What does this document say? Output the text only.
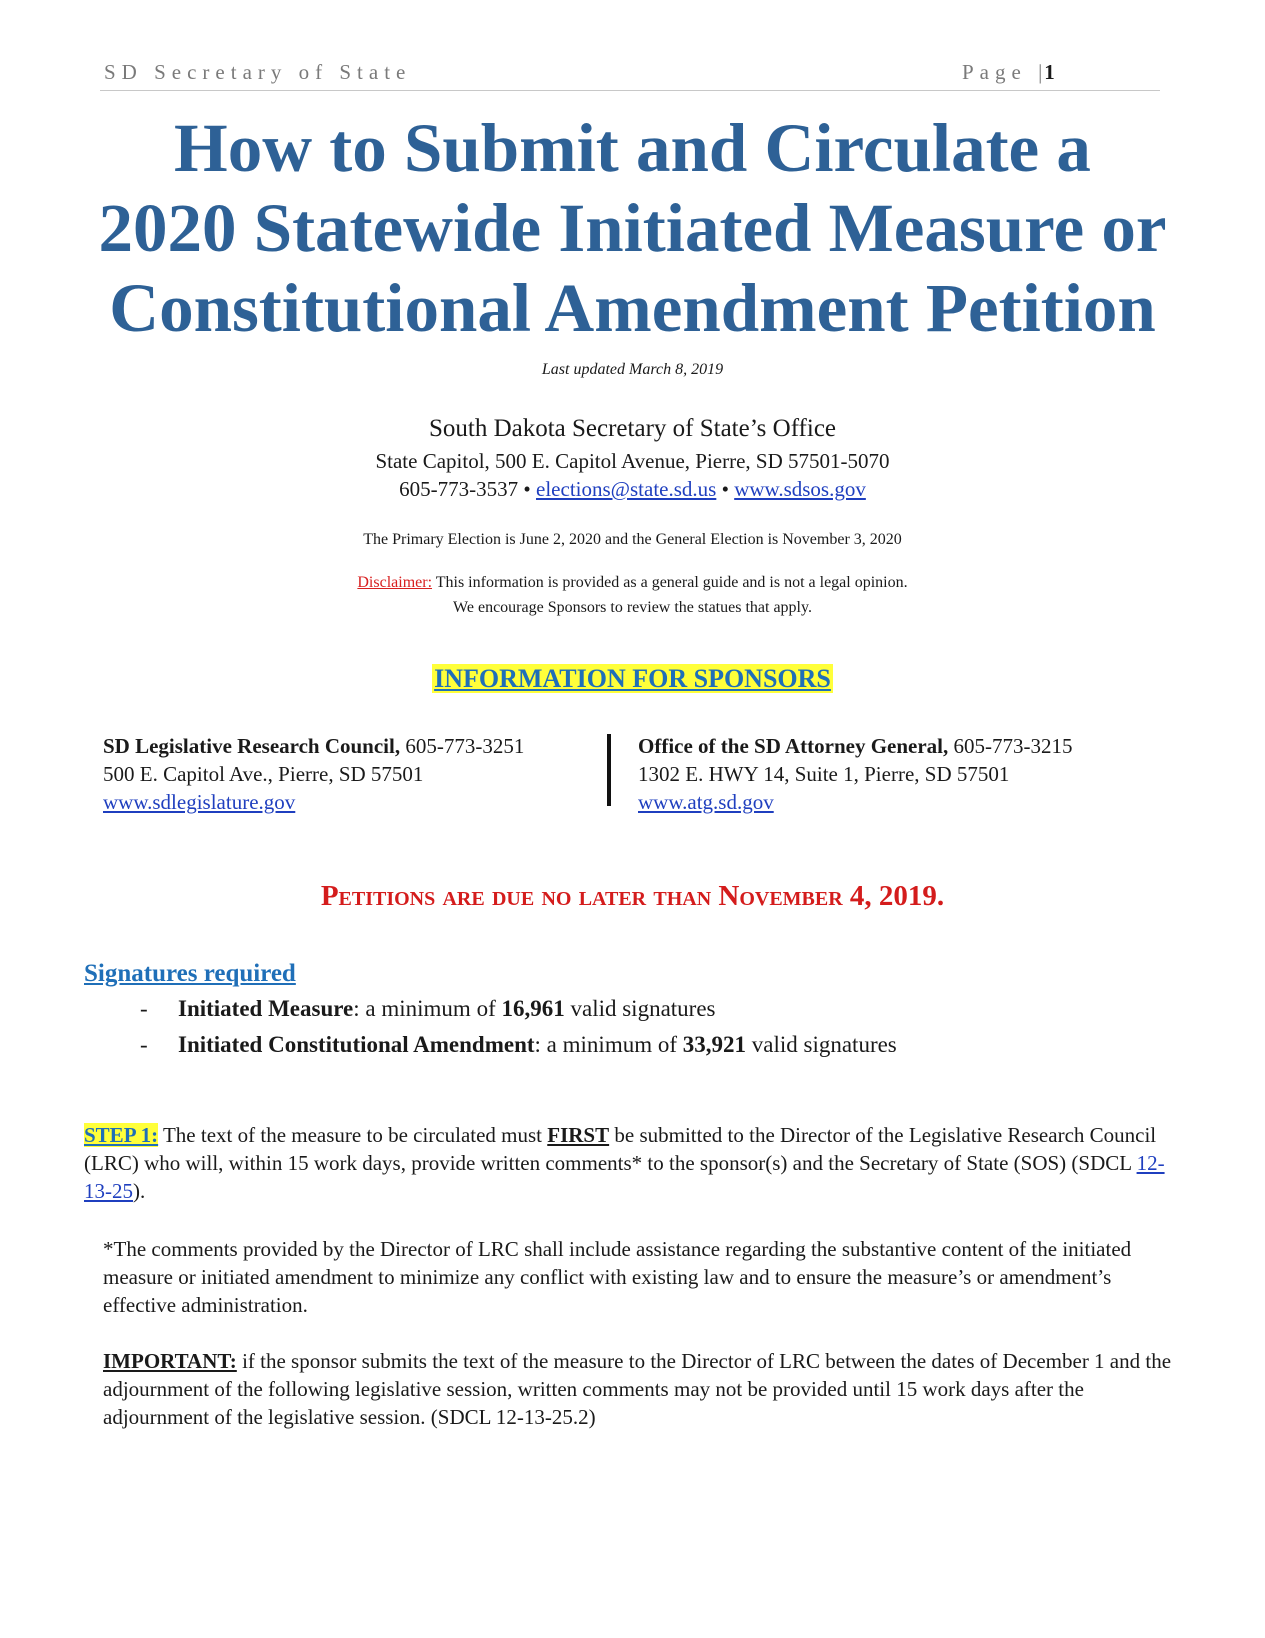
SD Secretary of State	Page |1
How to Submit and Circulate a
2020 Statewide Initiated Measure or
Constitutional Amendment Petition
Last updated March 8, 2019
South Dakota Secretary of State’s Office
State Capitol, 500 E. Capitol Avenue, Pierre, SD 57501-5070
605-773-3537 • elections@state.sd.us • www.sdsos.gov
The Primary Election is June 2, 2020 and the General Election is November 3, 2020
Disclaimer: This information is provided as a general guide and is not a legal opinion.
We encourage Sponsors to review the statues that apply.
INFORMATION FOR SPONSORS
SD Legislative Research Council, 605-773-3251
500 E. Capitol Ave., Pierre, SD 57501
www.sdlegislature.gov
Office of the SD Attorney General, 605-773-3215
1302 E. HWY 14, Suite 1, Pierre, SD 57501
www.atg.sd.gov
Petitions are due no later than November 4, 2019.
Signatures required
- Initiated Measure: a minimum of 16,961 valid signatures
- Initiated Constitutional Amendment: a minimum of 33,921 valid signatures
STEP 1: The text of the measure to be circulated must FIRST be submitted to the Director of the Legislative Research Council (LRC) who will, within 15 work days, provide written comments* to the sponsor(s) and the Secretary of State (SOS) (SDCL 12-13-25).
*The comments provided by the Director of LRC shall include assistance regarding the substantive content of the initiated measure or initiated amendment to minimize any conflict with existing law and to ensure the measure’s or amendment’s effective administration.
IMPORTANT: if the sponsor submits the text of the measure to the Director of LRC between the dates of December 1 and the adjournment of the following legislative session, written comments may not be provided until 15 work days after the adjournment of the legislative session. (SDCL 12-13-25.2)
